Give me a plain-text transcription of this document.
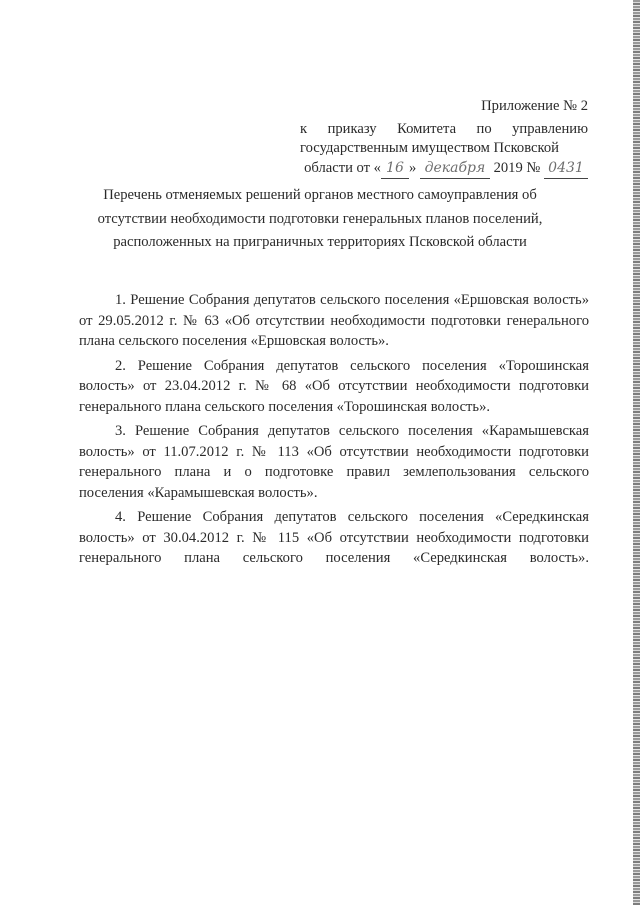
Приложение № 2
к приказу Комитета по управлению государственным имуществом Псковской
области от « 16 » декабря 2019 № 0431
Перечень отменяемых решений органов местного самоуправления об
отсутствии необходимости подготовки генеральных планов поселений,
расположенных на приграничных территориях Псковской области

1. Решение Собрания депутатов сельского поселения «Ершовская волость» от 29.05.2012 г. № 63 «Об отсутствии необходимости подготовки генерального плана сельского поселения «Ершовская волость».

2. Решение Собрания депутатов сельского поселения «Торошинская волость» от 23.04.2012 г. № 68 «Об отсутствии необходимости подготовки генерального плана сельского поселения «Торошинская волость».

3. Решение Собрания депутатов сельского поселения «Карамышевская волость» от 11.07.2012 г. № 113 «Об отсутствии необходимости подготовки генерального плана и о подготовке правил землепользования сельского поселения «Карамышевская волость».

4. Решение Собрания депутатов сельского поселения «Середкинская волость» от 30.04.2012 г. № 115 «Об отсутствии необходимости подготовки генерального плана сельского поселения «Середкинская волость».
